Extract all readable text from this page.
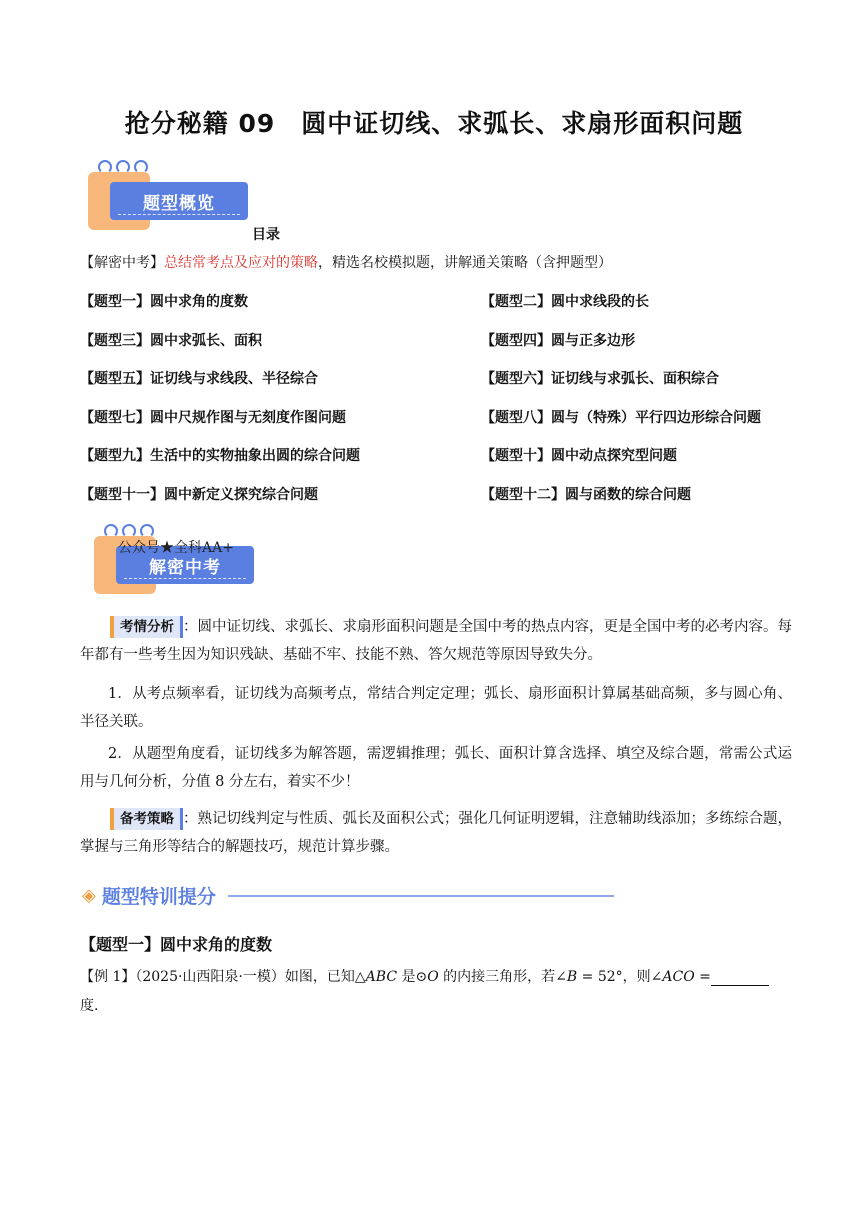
抢分秘籍 09　圆中证切线、求弧长、求扇形面积问题
题型概览
目录
【解密中考】总结常考点及应对的策略，精选名校模拟题，讲解通关策略（含押题型）
【题型一】圆中求角的度数	【题型二】圆中求线段的长
【题型三】圆中求弧长、面积	【题型四】圆与正多边形
【题型五】证切线与求线段、半径综合	【题型六】证切线与求弧长、面积综合
【题型七】圆中尺规作图与无刻度作图问题	【题型八】圆与（特殊）平行四边形综合问题
【题型九】生活中的实物抽象出圆的综合问题	【题型十】圆中动点探究型问题
【题型十一】圆中新定义探究综合问题	【题型十二】圆与函数的综合问题
解密中考
公众号★全科AA+
考情分析 ：圆中证切线、求弧长、求扇形面积问题是全国中考的热点内容，更是全国中考的必考内容。每年都有一些考生因为知识残缺、基础不牢、技能不熟、答欠规范等原因导致失分。
1．从考点频率看，证切线为高频考点，常结合判定定理；弧长、扇形面积计算属基础高频，多与圆心角、半径关联。
2．从题型角度看，证切线多为解答题，需逻辑推理；弧长、面积计算含选择、填空及综合题，常需公式运用与几何分析，分值 8 分左右，着实不少！
备考策略 ：熟记切线判定与性质、弧长及面积公式；强化几何证明逻辑，注意辅助线添加；多练综合题，掌握与三角形等结合的解题技巧，规范计算步骤。
◈ 题型特训提分
【题型一】圆中求角的度数
【例 1】（2025·山西阳泉·一模）如图，已知△ABC 是⊙O 的内接三角形，若∠B = 52°，则∠ACO =
度.
